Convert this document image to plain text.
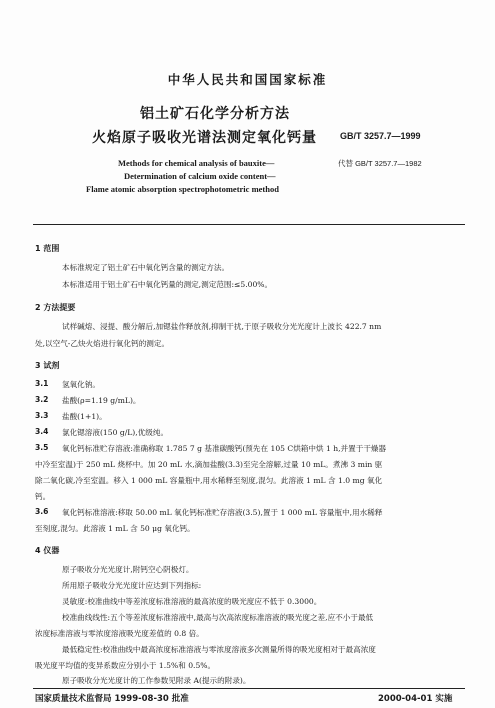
中华人民共和国国家标准
铝土矿石化学分析方法
火焰原子吸收光谱法测定氧化钙量	GB/T 3257.7—1999
Methods for chemical analysis of bauxite—
Determination of calcium oxide content—
Flame atomic absorption spectrophotometric method
代替 GB/T 3257.7—1982
1 范围
本标准规定了铝土矿石中氧化钙含量的测定方法。
本标准适用于铝土矿石中氧化钙量的测定,测定范围:≤5.00%。
2 方法提要
试样碱熔、浸提、酸分解后,加锶盐作释放剂,抑制干扰,于原子吸收分光光度计上波长 422.7 nm
处,以空气-乙炔火焰进行氧化钙的测定。
3 试剂
3.1 氢氧化钠。
3.2 盐酸(ρ=1.19 g/mL)。
3.3 盐酸(1+1)。
3.4 氯化锶溶液(150 g/L),优级纯。
3.5 氧化钙标准贮存溶液:准确称取 1.785 7 g 基准碳酸钙(预先在 105 C烘箱中烘 1 h,并置于干燥器
中冷至室温)于 250 mL 烧杯中。加 20 mL 水,滴加盐酸(3.3)至完全溶解,过量 10 mL。煮沸 3 min 驱
除二氧化碳,冷至室温。移入 1 000 mL 容量瓶中,用水稀释至刻度,混匀。此溶液 1 mL 含 1.0 mg 氧化
钙。
3.6 氧化钙标准溶液:移取 50.00 mL 氧化钙标准贮存溶液(3.5),置于 1 000 mL 容量瓶中,用水稀释
至刻度,混匀。此溶液 1 mL 含 50 μg 氧化钙。
4 仪器
原子吸收分光光度计,附钙空心阴极灯。
所用原子吸收分光光度计应达到下列指标:
灵敏度:校准曲线中等差浓度标准溶液的最高浓度的吸光度应不低于 0.3000。
校准曲线线性:五个等差浓度标准溶液中,最高与次高浓度标准溶液的吸光度之差,应不小于最低
浓度标准溶液与零浓度溶液吸光度差值的 0.8 倍。
最低稳定性:校准曲线中最高浓度标准溶液与零浓度溶液多次测量所得的吸光度相对于最高浓度
吸光度平均值的变异系数应分别小于 1.5%和 0.5%。
原子吸收分光光度计的工作参数见附录 A(提示的附录)。
国家质量技术监督局 1999-08-30 批准	2000-04-01 实施
